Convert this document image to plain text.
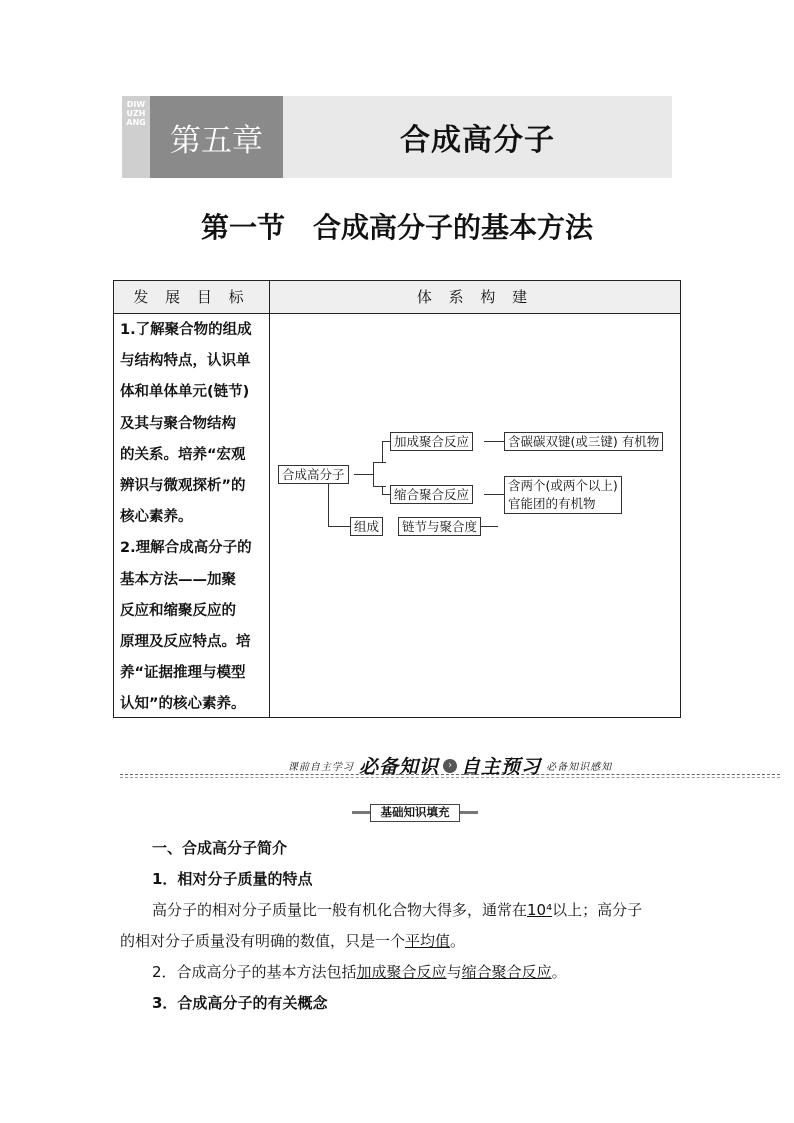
DIWUZHANG 第五章	合成高分子
第一节 合成高分子的基本方法
发 展 目 标	体 系 构 建

1.了解聚合物的组成

与结构特点，认识单

体和单体单元(链节)

及其与聚合物结构

的关系。培养“宏观

辨识与微观探析”的

核心素养。

2.理解合成高分子的

基本方法——加聚

反应和缩聚反应的

原理及反应特点。培

养“证据推理与模型

认知”的核心素养。

合成高分子
加成聚合反应	含碳碳双键(或三键) 有机物
缩合聚合反应
含两个(或两个以上)
官能团的有机物
组成	链节与聚合度
课前自主学习 必备知识 › 自主预习 必备知识感知
基础知识填充
一、合成高分子简介
1．相对分子质量的特点
高分子的相对分子质量比一般有机化合物大得多，通常在10⁴以上；高分子
的相对分子质量没有明确的数值，只是一个平均值。
2．合成高分子的基本方法包括加成聚合反应与缩合聚合反应。
3．合成高分子的有关概念
